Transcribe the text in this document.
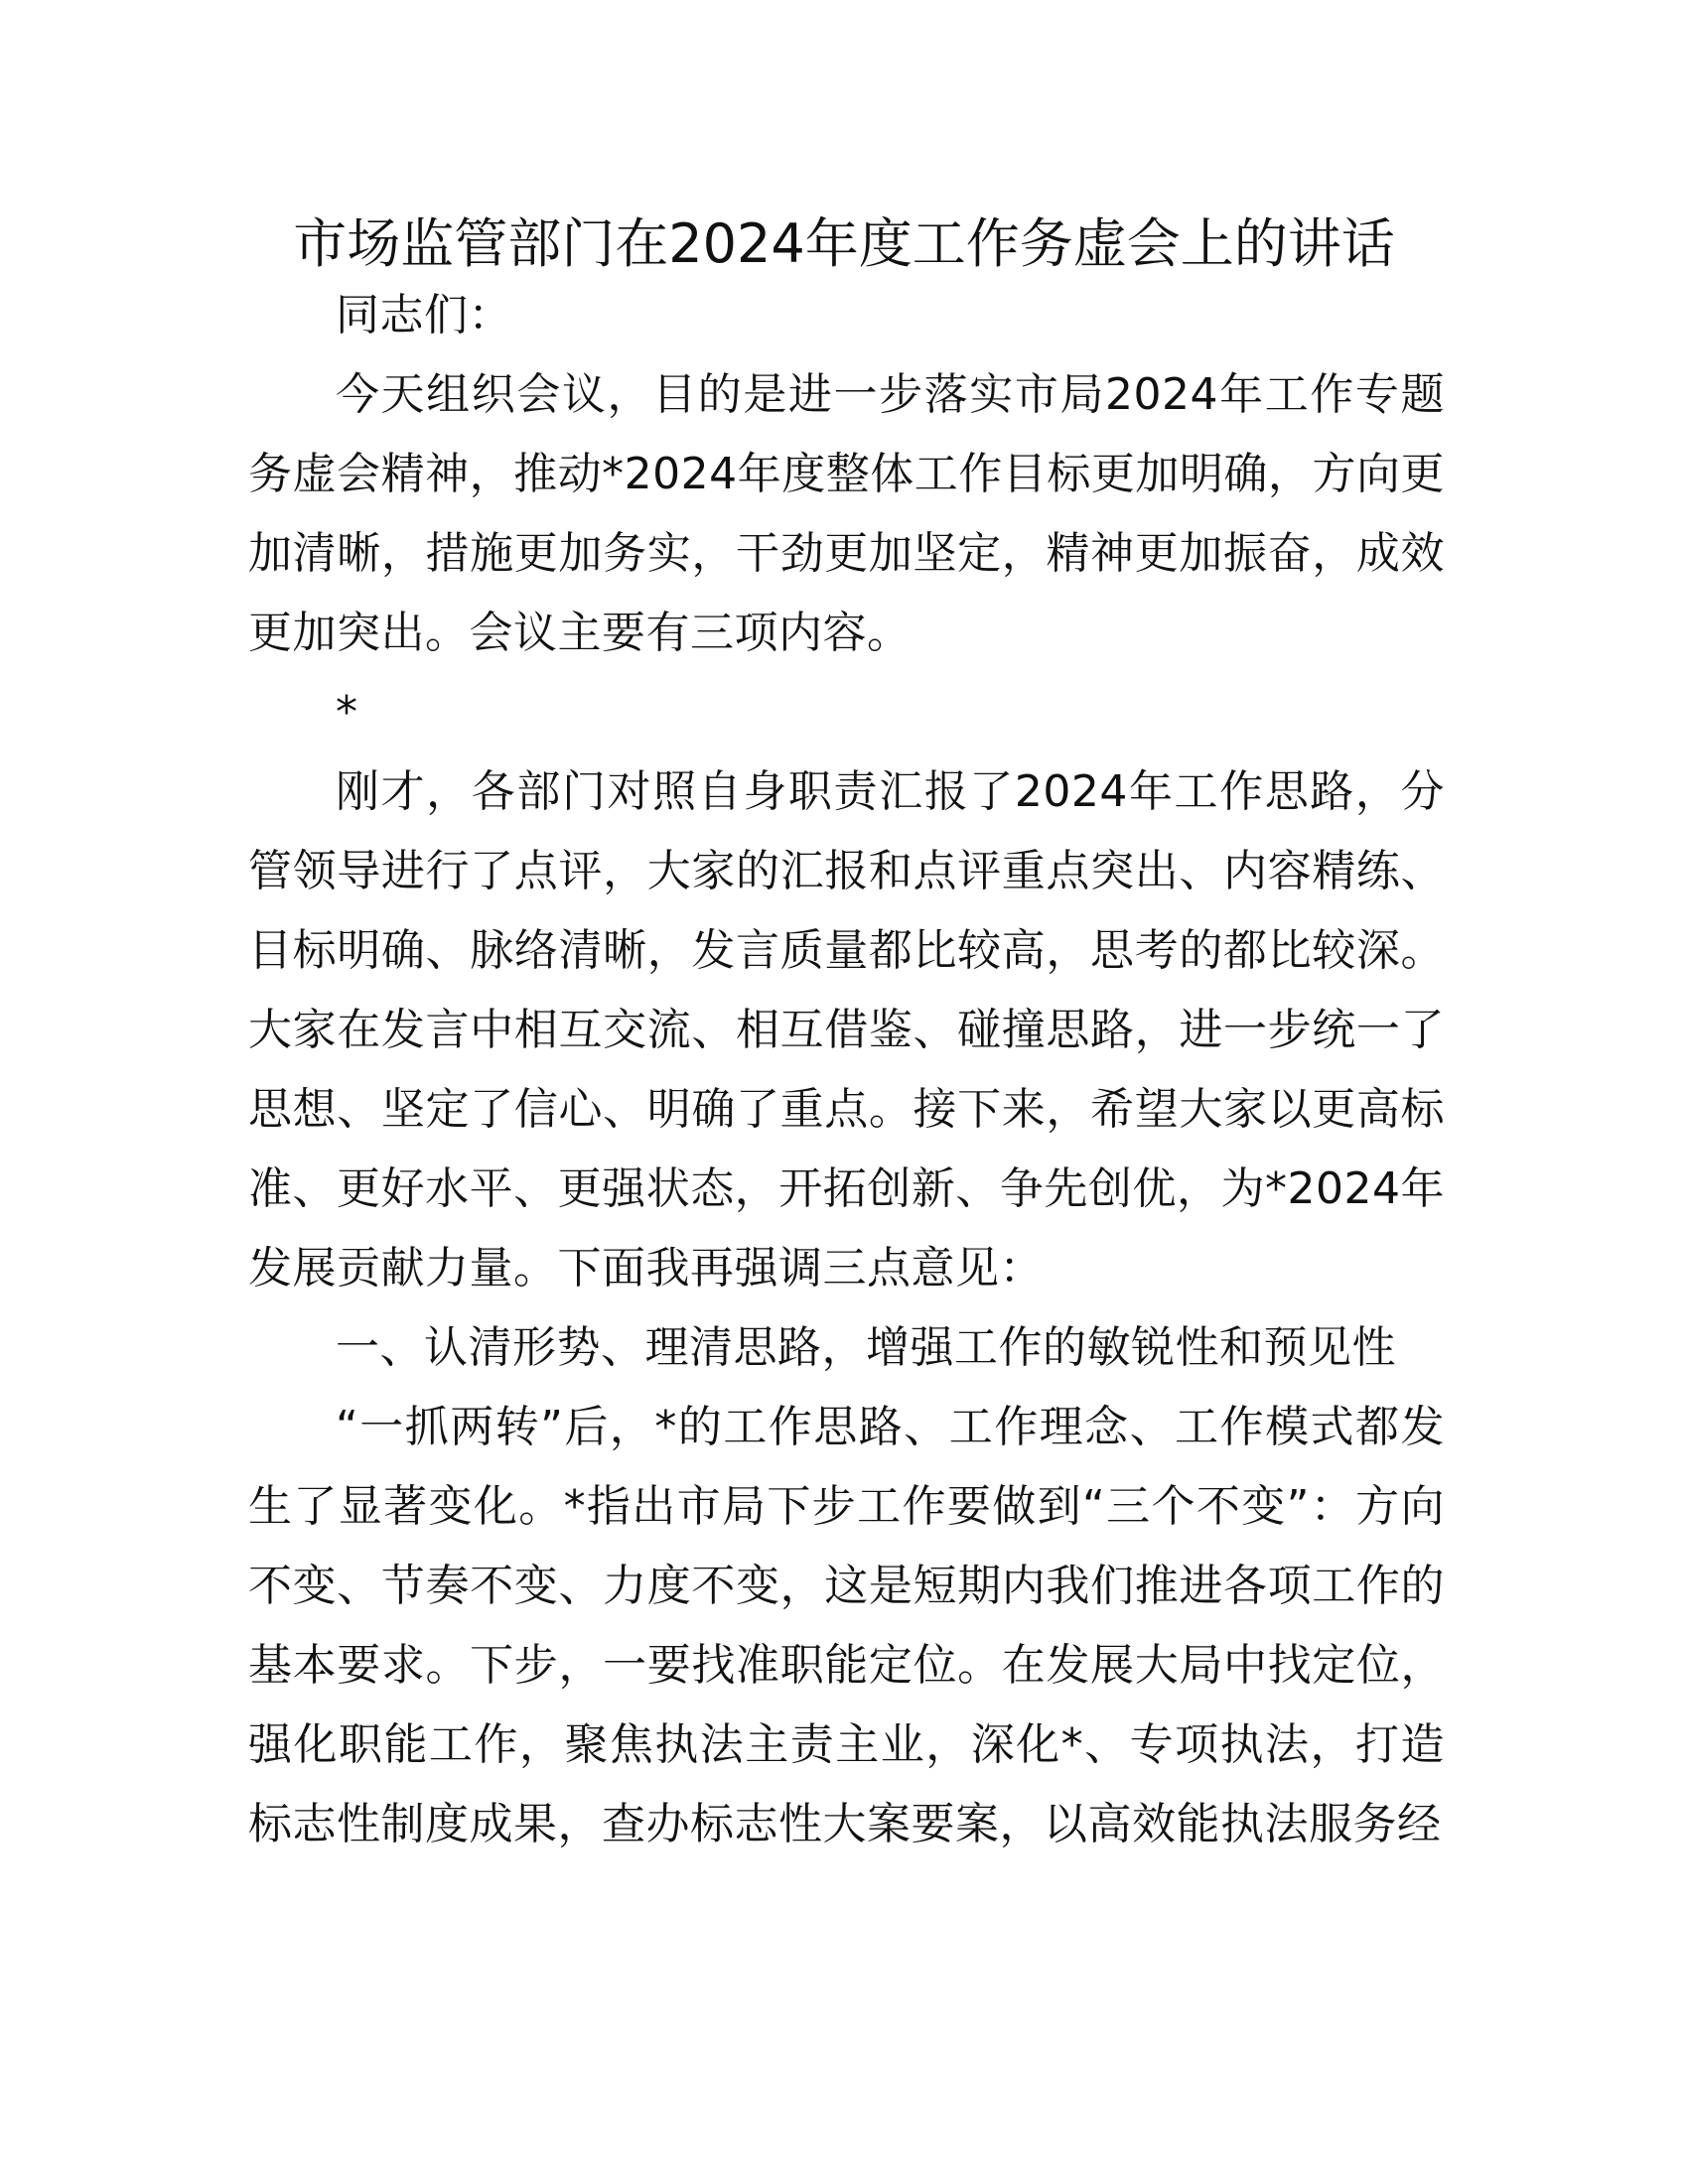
市场监管部门在2024年度工作务虚会上的讲话

同志们：

今天组织会议，目的是进一步落实市局2024年工作专题务虚会精神，推动*2024年度整体工作目标更加明确，方向更加清晰，措施更加务实，干劲更加坚定，精神更加振奋，成效更加突出。会议主要有三项内容。

*

刚才，各部门对照自身职责汇报了2024年工作思路，分管领导进行了点评，大家的汇报和点评重点突出、内容精练、目标明确、脉络清晰，发言质量都比较高，思考的都比较深。大家在发言中相互交流、相互借鉴、碰撞思路，进一步统一了思想、坚定了信心、明确了重点。接下来，希望大家以更高标准、更好水平、更强状态，开拓创新、争先创优，为*2024年发展贡献力量。下面我再强调三点意见：

一、认清形势、理清思路，增强工作的敏锐性和预见性

“一抓两转”后，*的工作思路、工作理念、工作模式都发生了显著变化。*指出市局下步工作要做到“三个不变”：方向不变、节奏不变、力度不变，这是短期内我们推进各项工作的基本要求。下步，一要找准职能定位。在发展大局中找定位，强化职能工作，聚焦执法主责主业，深化*、专项执法，打造标志性制度成果，查办标志性大案要案，以高效能执法服务经
